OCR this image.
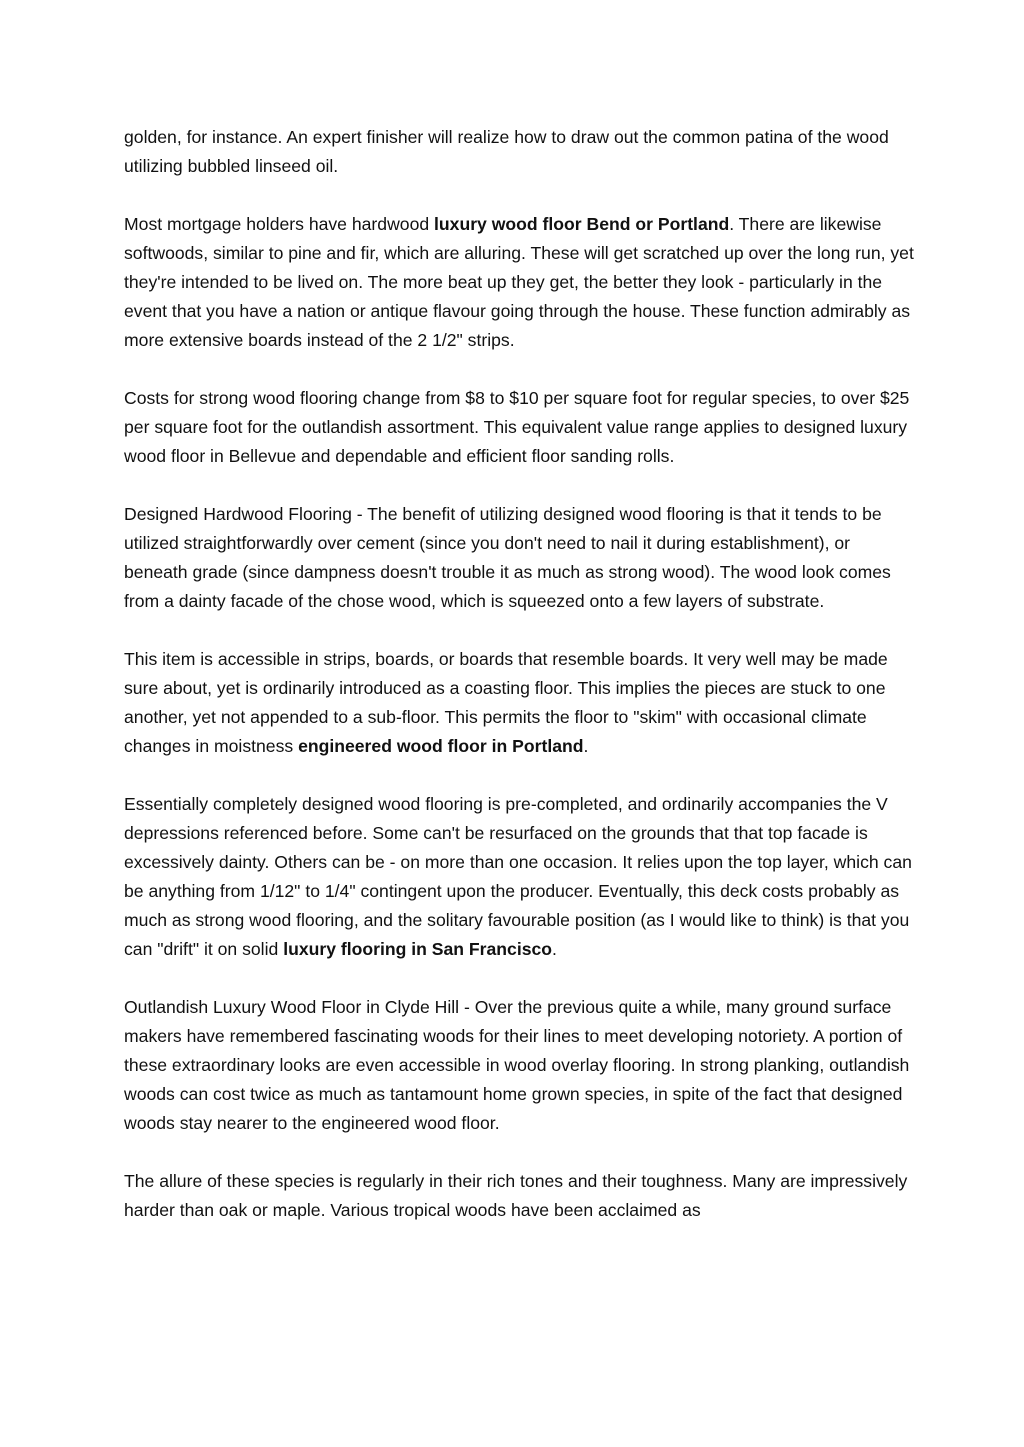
golden, for instance. An expert finisher will realize how to draw out the common patina of the wood utilizing bubbled linseed oil.

Most mortgage holders have hardwood luxury wood floor Bend or Portland. There are likewise softwoods, similar to pine and fir, which are alluring. These will get scratched up over the long run, yet they're intended to be lived on. The more beat up they get, the better they look - particularly in the event that you have a nation or antique flavour going through the house. These function admirably as more extensive boards instead of the 2 1/2" strips.

Costs for strong wood flooring change from $8 to $10 per square foot for regular species, to over $25 per square foot for the outlandish assortment. This equivalent value range applies to designed luxury wood floor in Bellevue and dependable and efficient floor sanding rolls.

Designed Hardwood Flooring - The benefit of utilizing designed wood flooring is that it tends to be utilized straightforwardly over cement (since you don't need to nail it during establishment), or beneath grade (since dampness doesn't trouble it as much as strong wood). The wood look comes from a dainty facade of the chose wood, which is squeezed onto a few layers of substrate.

This item is accessible in strips, boards, or boards that resemble boards. It very well may be made sure about, yet is ordinarily introduced as a coasting floor. This implies the pieces are stuck to one another, yet not appended to a sub-floor. This permits the floor to "skim" with occasional climate changes in moistness engineered wood floor in Portland.

Essentially completely designed wood flooring is pre-completed, and ordinarily accompanies the V depressions referenced before. Some can't be resurfaced on the grounds that that top facade is excessively dainty. Others can be - on more than one occasion. It relies upon the top layer, which can be anything from 1/12" to 1/4" contingent upon the producer. Eventually, this deck costs probably as much as strong wood flooring, and the solitary favourable position (as I would like to think) is that you can "drift" it on solid luxury flooring in San Francisco.

Outlandish Luxury Wood Floor in Clyde Hill - Over the previous quite a while, many ground surface makers have remembered fascinating woods for their lines to meet developing notoriety. A portion of these extraordinary looks are even accessible in wood overlay flooring. In strong planking, outlandish woods can cost twice as much as tantamount home grown species, in spite of the fact that designed woods stay nearer to the engineered wood floor.

The allure of these species is regularly in their rich tones and their toughness. Many are impressively harder than oak or maple. Various tropical woods have been acclaimed as
